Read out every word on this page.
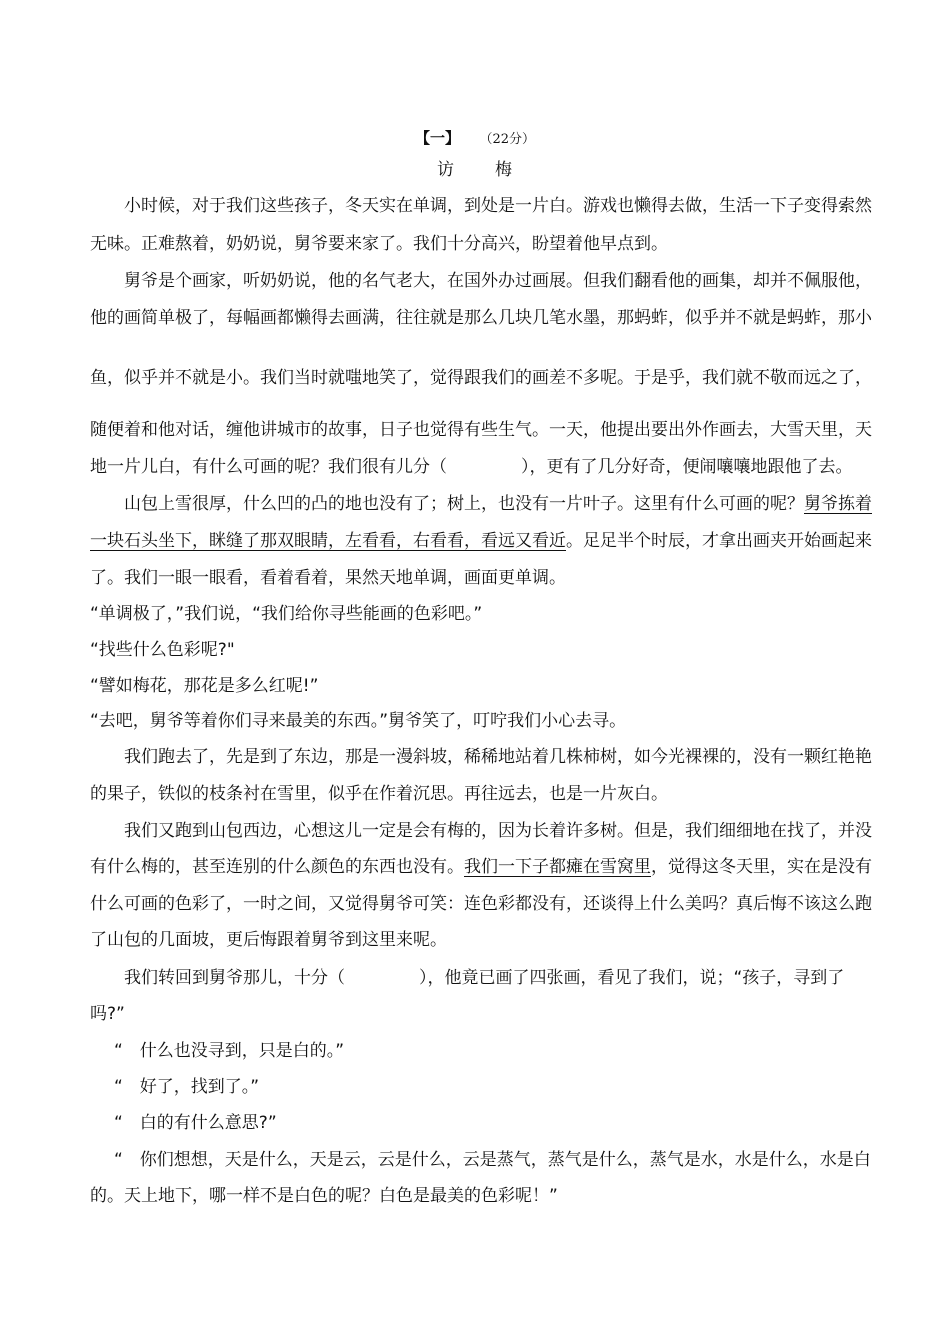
【一】 （22分）
访 梅
　　小时候，对于我们这些孩子，冬天实在单调，到处是一片白。游戏也懒得去做，生活一下子变得索然
无味。正难熬着，奶奶说，舅爷要来家了。我们十分高兴，盼望着他早点到。
　　舅爷是个画家，听奶奶说，他的名气老大，在国外办过画展。但我们翻看他的画集，却并不佩服他，
他的画简单极了，每幅画都懒得去画满，往往就是那么几块几笔水墨，那蚂蚱，似乎并不就是蚂蚱，那小
鱼，似乎并不就是小。我们当时就嗤地笑了，觉得跟我们的画差不多呢。于是乎，我们就不敬而远之了，
随便着和他对话，缠他讲城市的故事，日子也觉得有些生气。一天，他提出要出外作画去，大雪天里，天
地一片儿白，有什么可画的呢？我们很有儿分（	），更有了几分好奇，便闹嚷嚷地跟他了去。
　　山包上雪很厚，什么凹的凸的地也没有了；树上，也没有一片叶子。这里有什么可画的呢？舅爷拣着
一块石头坐下，眯缝了那双眼睛，左看看，右看看，看远又看近。足足半个时辰，才拿出画夹开始画起来
了。我们一眼一眼看，看着看着，果然天地单调，画面更单调。
“单调极了，”我们说，“我们给你寻些能画的色彩吧。”
“找些什么色彩呢?"
“譬如梅花，那花是多么红呢!”
“去吧，舅爷等着你们寻来最美的东西。”舅爷笑了，叮咛我们小心去寻。
　　我们跑去了，先是到了东边，那是一漫斜坡，稀稀地站着几株柿树，如今光裸裸的，没有一颗红艳艳
的果子，铁似的枝条衬在雪里，似乎在作着沉思。再往远去，也是一片灰白。
　　我们又跑到山包西边，心想这儿一定是会有梅的，因为长着许多树。但是，我们细细地在找了，并没
有什么梅的，甚至连别的什么颜色的东西也没有。我们一下子都瘫在雪窝里，觉得这冬天里，实在是没有
什么可画的色彩了，一时之间，又觉得舅爷可笑：连色彩都没有，还谈得上什么美吗？真后悔不该这么跑
了山包的几面坡，更后悔跟着舅爷到这里来呢。
　　我们转回到舅爷那儿，十分（	），他竟已画了四张画，看见了我们，说；“孩子，寻到了
吗?”
“　什么也没寻到，只是白的。”
“　好了，找到了。”
“　白的有什么意思?”
“　你们想想，天是什么，天是云，云是什么，云是蒸气，蒸气是什么，蒸气是水，水是什么，水是白
的。天上地下，哪一样不是白色的呢？白色是最美的色彩呢！”
